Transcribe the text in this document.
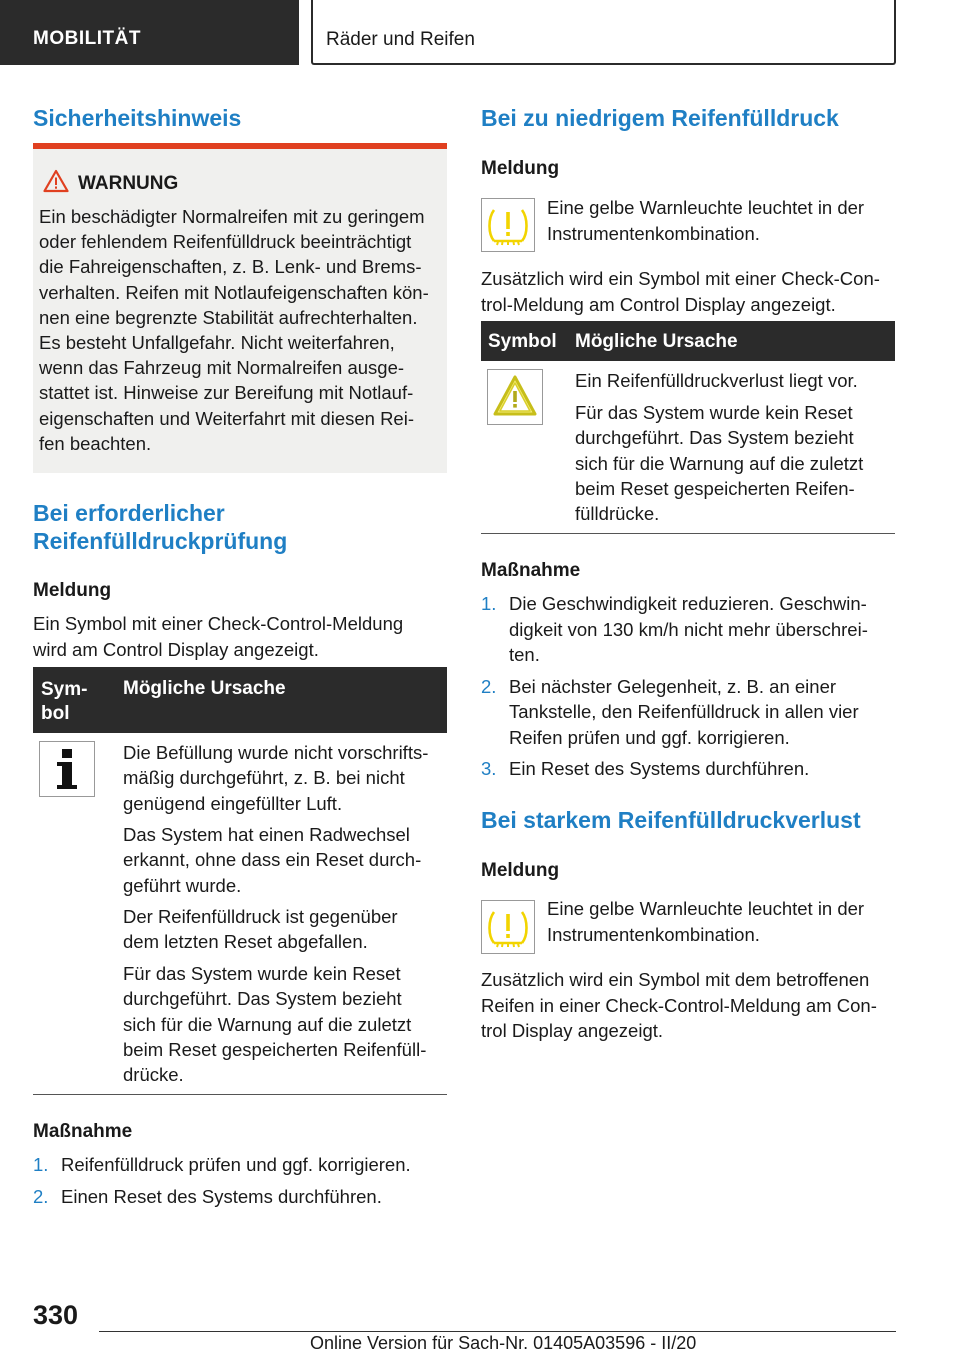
MOBILITÄT	Räder und Reifen
Sicherheitshinweis
WARNUNG
Ein beschädigter Normalreifen mit zu geringem
oder fehlendem Reifenfülldruck beeinträchtigt
die Fahreigenschaften, z. B. Lenk- und Brems‐
verhalten. Reifen mit Notlaufeigenschaften kön‐
nen eine begrenzte Stabilität aufrechterhalten.
Es besteht Unfallgefahr. Nicht weiterfahren,
wenn das Fahrzeug mit Normalreifen ausge‐
stattet ist. Hinweise zur Bereifung mit Notlauf‐
eigenschaften und Weiterfahrt mit diesen Rei‐
fen beachten.
Bei erforderlicher
Reifenfülldruckprüfung
Meldung
Ein Symbol mit einer Check-Control-Meldung
wird am Control Display angezeigt.
Sym‐
bol
Mögliche Ursache
Die Befüllung wurde nicht vorschrifts‐
mäßig durchgeführt, z. B. bei nicht
genügend eingefüllter Luft.
Das System hat einen Radwechsel
erkannt, ohne dass ein Reset durch‐
geführt wurde.
Der Reifenfülldruck ist gegenüber
dem letzten Reset abgefallen.
Für das System wurde kein Reset
durchgeführt. Das System bezieht
sich für die Warnung auf die zuletzt
beim Reset gespeicherten Reifenfüll‐
drücke.
Maßnahme
1. Reifenfülldruck prüfen und ggf. korrigieren.
2. Einen Reset des Systems durchführen.
Bei zu niedrigem Reifenfülldruck
Meldung
Eine gelbe Warnleuchte leuchtet in der
Instrumentenkombination.
Zusätzlich wird ein Symbol mit einer Check-Con‐
trol-Meldung am Control Display angezeigt.
Symbol Mögliche Ursache
Ein Reifenfülldruckverlust liegt vor.
Für das System wurde kein Reset
durchgeführt. Das System bezieht
sich für die Warnung auf die zuletzt
beim Reset gespeicherten Reifen‐
fülldrücke.
Maßnahme
1. Die Geschwindigkeit reduzieren. Geschwin‐
digkeit von 130 km/h nicht mehr überschrei‐
ten.
2. Bei nächster Gelegenheit, z. B. an einer
Tankstelle, den Reifenfülldruck in allen vier
Reifen prüfen und ggf. korrigieren.
3. Ein Reset des Systems durchführen.
Bei starkem Reifenfülldruckverlust
Meldung
Eine gelbe Warnleuchte leuchtet in der
Instrumentenkombination.
Zusätzlich wird ein Symbol mit dem betroffenen
Reifen in einer Check-Control-Meldung am Con‐
trol Display angezeigt.
330
Online Version für Sach-Nr. 01405A03596 - II/20
